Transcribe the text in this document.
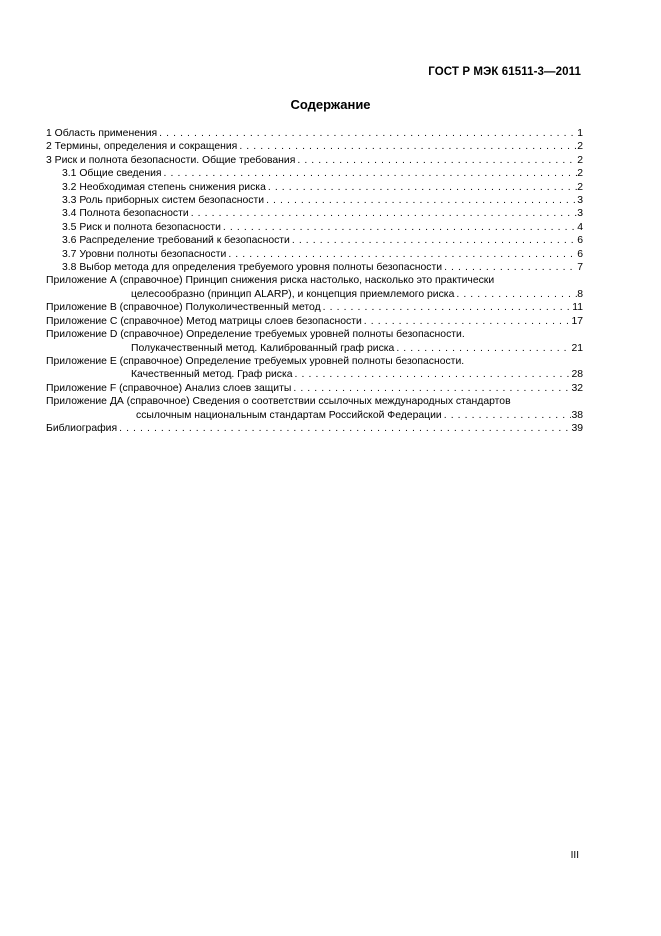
ГОСТ Р МЭК 61511-3—2011
Содержание
1 Область применения . . .	1
2 Термины, определения и сокращения . . .	2
3 Риск и полнота безопасности. Общие требования . . .	2
3.1 Общие сведения . . .	2
3.2 Необходимая степень снижения риска . . .	2
3.3 Роль приборных систем безопасности . . .	3
3.4 Полнота безопасности . . .	3
3.5 Риск и полнота безопасности . . .	4
3.6 Распределение требований к безопасности . . .	6
3.7 Уровни полноты безопасности . . .	6
3.8 Выбор метода для определения требуемого уровня полноты безопасности . . .	7
Приложение А (справочное) Принцип снижения риска настолько, насколько это практически
целесообразно (принцип ALARP), и концепция приемлемого риска . . .	8
Приложение В (справочное) Полуколичественный метод . . .	11
Приложение С (справочное) Метод матрицы слоев безопасности . . .	17
Приложение D (справочное) Определение требуемых уровней полноты безопасности.
Полукачественный метод. Калиброванный граф риска . . .	21
Приложение Е (справочное) Определение требуемых уровней полноты безопасности.
Качественный метод. Граф риска . . .	28
Приложение F (справочное) Анализ слоев защиты . . .	32
Приложение ДА (справочное) Сведения о соответствии ссылочных международных стандартов
ссылочным национальным стандартам Российской Федерации . . .	38
Библиография . . .	39
III
